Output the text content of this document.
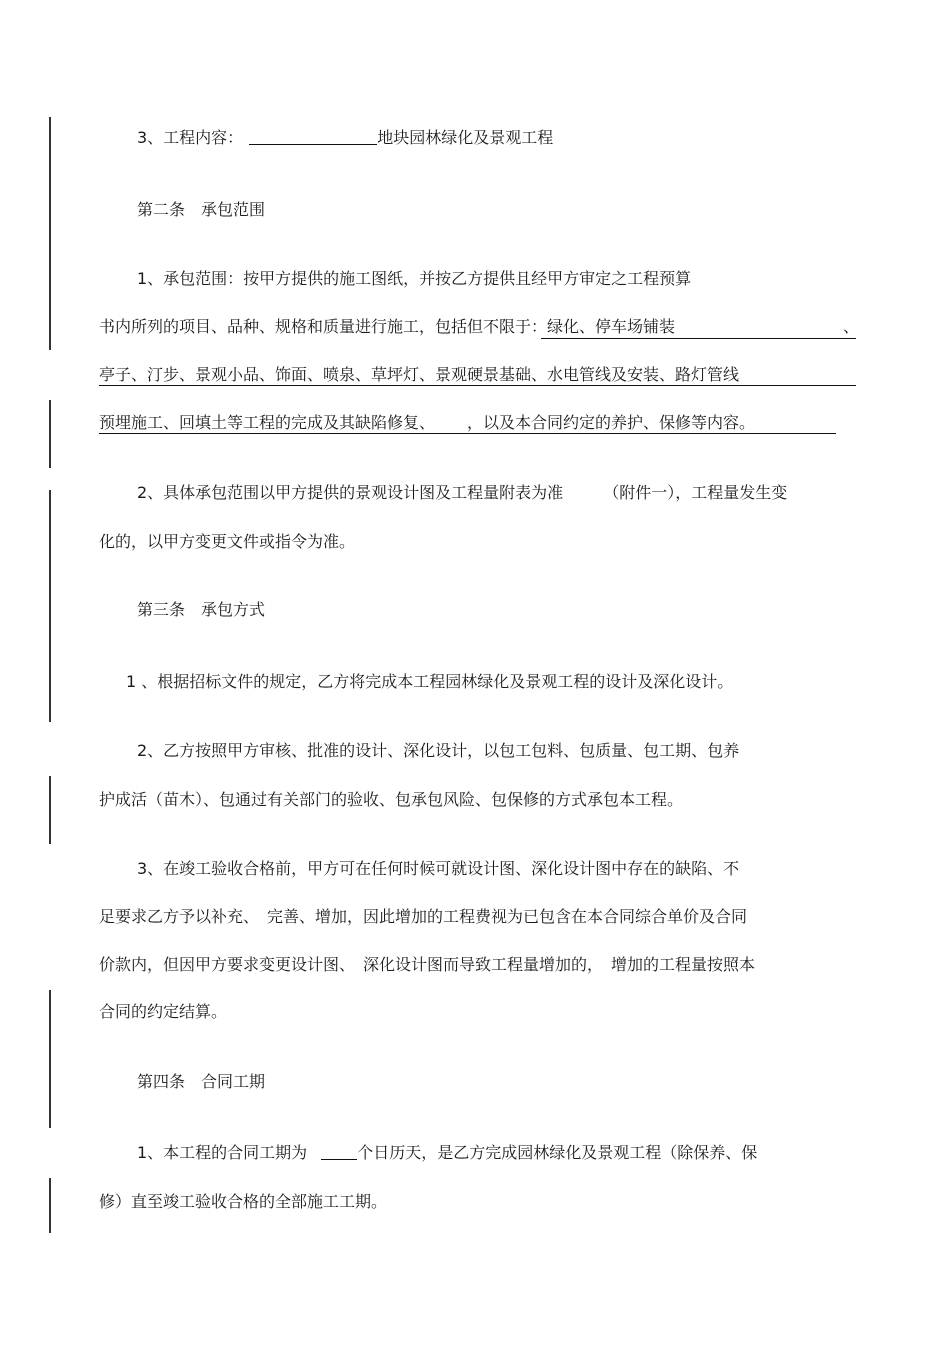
3、工程内容：	地块园林绿化及景观工程
第二条　承包范围
1、承包范围：按甲方提供的施工图纸，并按乙方提供且经甲方审定之工程预算
书内所列的项目、品种、规格和质量进行施工，包括但不限于：绿化、停车场铺装	、
亭子、汀步、景观小品、饰面、喷泉、草坪灯、景观硬景基础、水电管线及安装、路灯管线
预埋施工、回填土等工程的完成及其缺陷修复、 ，以及本合同约定的养护、保修等内容。
2、具体承包范围以甲方提供的景观设计图及工程量附表为准	（附件一），工程量发生变
化的，以甲方变更文件或指令为准。
第三条　承包方式
1 、根据招标文件的规定，乙方将完成本工程园林绿化及景观工程的设计及深化设计。
2、乙方按照甲方审核、批准的设计、深化设计，以包工包料、包质量、包工期、包养
护成活（苗木）、包通过有关部门的验收、包承包风险、包保修的方式承包本工程。
3、在竣工验收合格前，甲方可在任何时候可就设计图、深化设计图中存在的缺陷、不
足要求乙方予以补充、　完善、增加，因此增加的工程费视为已包含在本合同综合单价及合同
价款内，但因甲方要求变更设计图、　深化设计图而导致工程量增加的，　增加的工程量按照本
合同的约定结算。
第四条　合同工期
1、本工程的合同工期为	个日历天，是乙方完成园林绿化及景观工程（除保养、保
修）直至竣工验收合格的全部施工工期。
